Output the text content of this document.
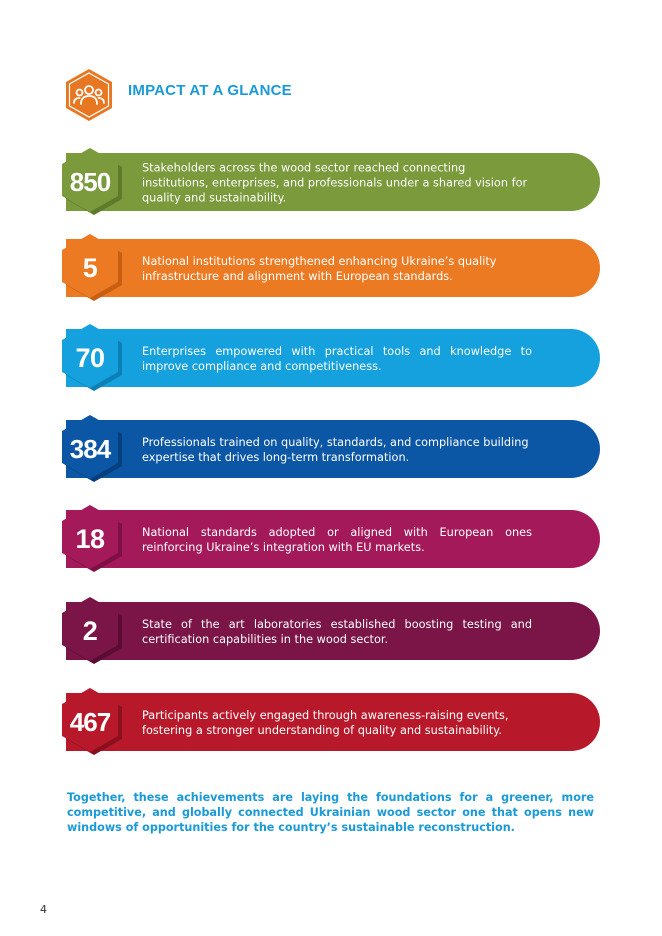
IMPACT AT A GLANCE
850	Stakeholders across the wood sector reached connecting institutions, enterprises, and professionals under a shared vision for quality and sustainability.
5	National institutions strengthened enhancing Ukraine’s quality infrastructure and alignment with European standards.
70	Enterprises empowered with practical tools and knowledge to improve compliance and competitiveness.
384	Professionals trained on quality, standards, and compliance building expertise that drives long-term transformation.
18	National standards adopted or aligned with European ones reinforcing Ukraine’s integration with EU markets.
2	State of the art laboratories established boosting testing and certification capabilities in the wood sector.
467	Participants actively engaged through awareness-raising events, fostering a stronger understanding of quality and sustainability.
Together, these achievements are laying the foundations for a greener, more competitive, and globally connected Ukrainian wood sector one that opens new windows of opportunities for the country’s sustainable reconstruction.
4
